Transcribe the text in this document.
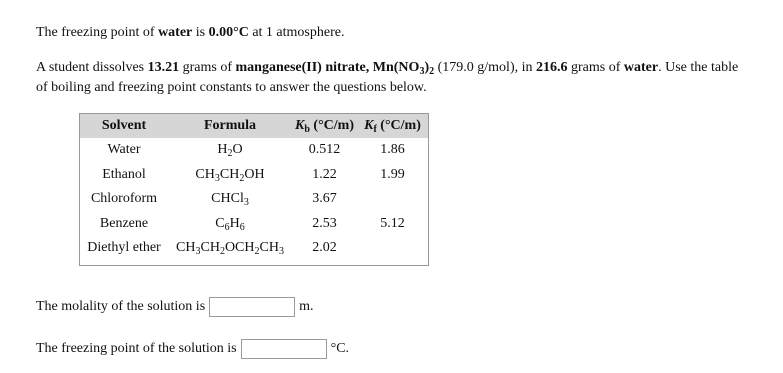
The freezing point of water is 0.00°C at 1 atmosphere.
A student dissolves 13.21 grams of manganese(II) nitrate, $Mn(NO_3)_2$ (179.0 g/mol), in 216.6 grams of water. Use the table
of boiling and freezing point constants to answer the questions below.
Solvent	Formula	$K_b$ (°C/m)	$K_f$ (°C/m)
Water	$H_2O$	0.512	1.86
Ethanol	$CH_3CH_2OH$	1.22	1.99
Chloroform	CHCl$_3$	3.67	
Benzene	$C_6H_6$	2.53	5.12
Diethyl ether	$CH_3CH_2OCH_2CH_3$	2.02	
The molality of the solution is	m.
The freezing point of the solution is	°C.
